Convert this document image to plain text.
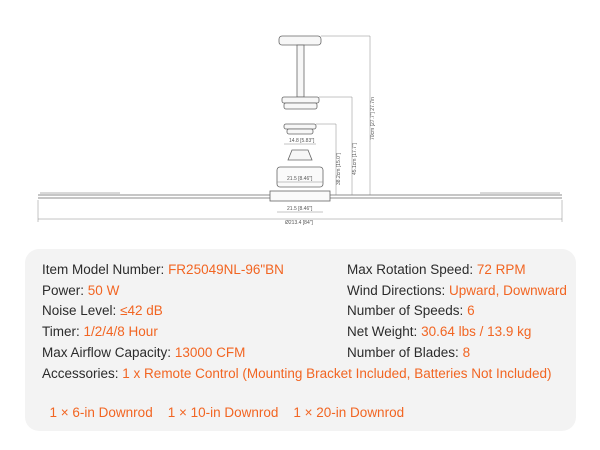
70cm [27.7"] 27.7in
45.1cm [17.7"]
38.2cm [15.0"]
14.8 [5.83"]
21.5 [8.46"]
21.5 [8.46"]
Ø213.4 [84"]
Item Model Number: FR25049NL-96"BN
Power: 50 W
Noise Level: ≤42 dB
Timer: 1/2/4/8 Hour
Max Airflow Capacity: 13000 CFM
Max Rotation Speed: 72 RPM
Wind Directions: Upward, Downward
Number of Speeds: 6
Net Weight: 30.64 lbs / 13.9 kg
Number of Blades: 8
Accessories: 1 x Remote Control (Mounting Bracket Included, Batteries Not Included)

1 × 6-in Downrod    1 × 10-in Downrod    1 × 20-in Downrod
